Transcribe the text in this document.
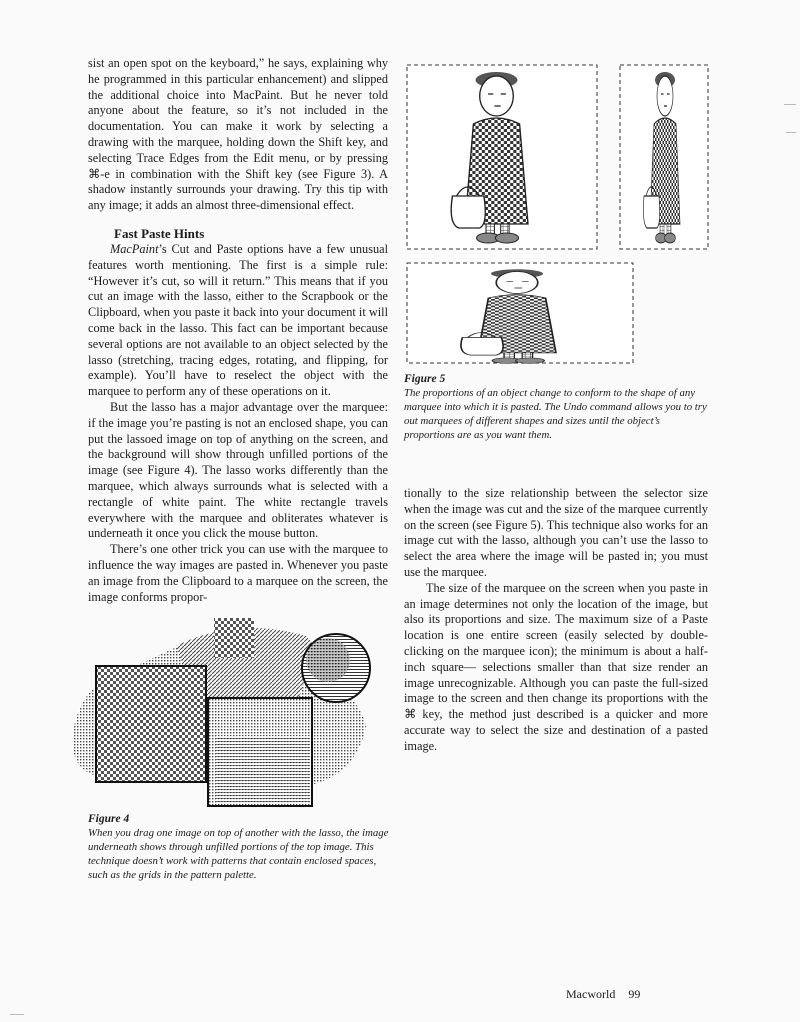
sist an open spot on the keyboard,” he says, explaining why he programmed in this particular enhancement) and slipped the additional choice into MacPaint. But he never told anyone about the feature, so it’s not included in the documentation. You can make it work by selecting a drawing with the marquee, holding down the Shift key, and selecting Trace Edges from the Edit menu, or by pressing ⌘-e in combination with the Shift key (see Figure 3). A shadow instantly surrounds your drawing. Try this tip with any image; it adds an almost three-dimensional effect.

Fast Paste Hints

MacPaint’s Cut and Paste options have a few unusual features worth mentioning. The first is a simple rule: “However it’s cut, so will it return.” This means that if you cut an image with the lasso, either to the Scrapbook or the Clipboard, when you paste it back into your document it will come back in the lasso. This fact can be important because several options are not available to an object selected by the lasso (stretching, tracing edges, rotating, and flipping, for example). You’ll have to reselect the object with the marquee to perform any of these operations on it.

But the lasso has a major advantage over the marquee: if the image you’re pasting is not an enclosed shape, you can put the lassoed image on top of anything on the screen, and the background will show through unfilled portions of the image (see Figure 4). The lasso works differently than the marquee, which always surrounds what is selected with a rectangle of white paint. The white rectangle travels everywhere with the marquee and obliterates whatever is underneath it once you click the mouse button.

There’s one other trick you can use with the marquee to influence the way images are pasted in. Whenever you paste an image from the Clipboard to a marquee on the screen, the image conforms propor-

Figure 5
The proportions of an object change to conform to the shape of any marquee into which it is pasted. The Undo command allows you to try out marquees of different shapes and sizes until the object’s proportions are as you want them.

tionally to the size relationship between the selector size when the image was cut and the size of the marquee currently on the screen (see Figure 5). This technique also works for an image cut with the lasso, although you can’t use the lasso to select the area where the image will be pasted in; you must use the marquee.

The size of the marquee on the screen when you paste in an image determines not only the location of the image, but also its proportions and size. The maximum size of a Paste location is one entire screen (easily selected by double-clicking on the marquee icon); the minimum is about a half-inch square— selections smaller than that size render an image unrecognizable. Although you can paste the full-sized image to the screen and then change its proportions with the ⌘ key, the method just described is a quicker and more accurate way to select the size and destination of a pasted image.

Figure 4
When you drag one image on top of another with the lasso, the image underneath shows through unfilled portions of the top image. This technique doesn’t work with patterns that contain enclosed spaces, such as the grids in the pattern palette.
Macworld 99
